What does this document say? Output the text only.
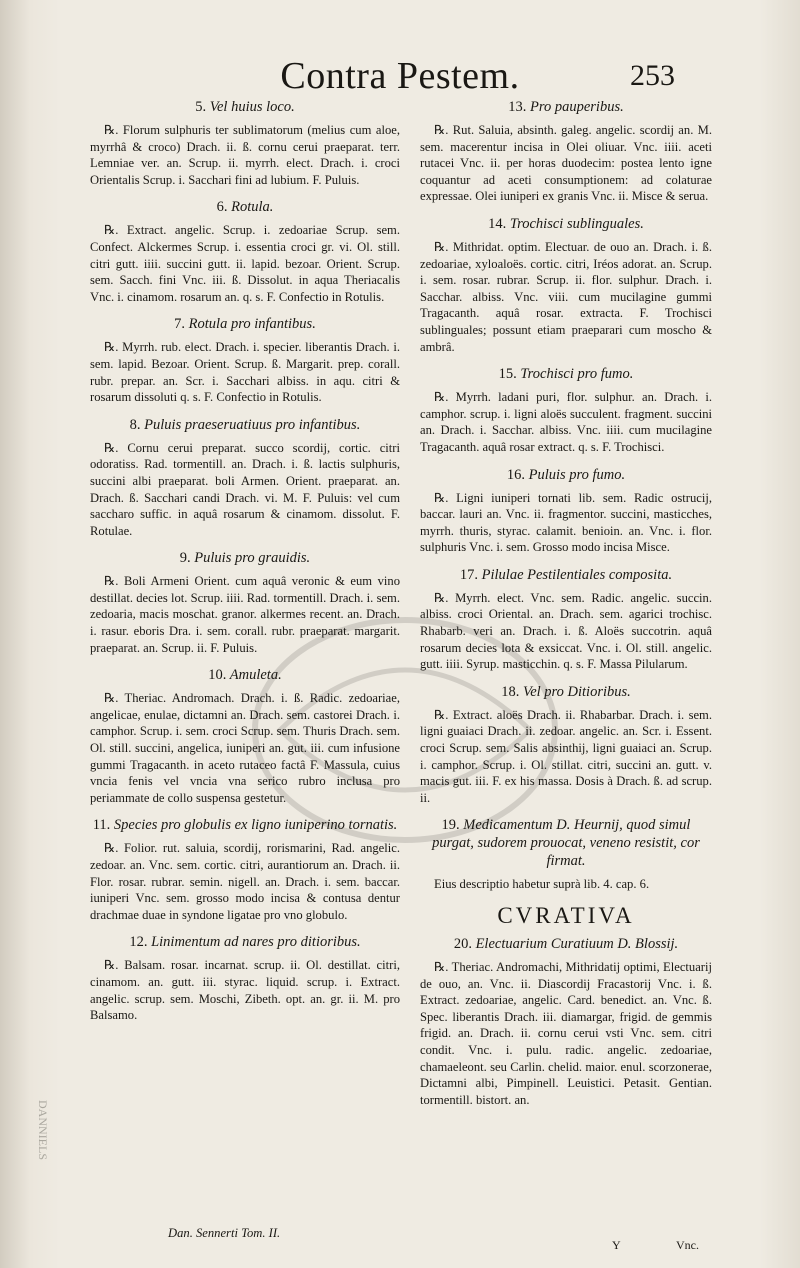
Contra Pestem.	253
5. Vel huius loco.

℞. Florum sulphuris ter sublimatorum (melius cum aloe, myrrhâ & croco) Drach. ii. ß. cornu cerui praeparat. terr. Lemniae ver. an. Scrup. ii. myrrh. elect. Drach. i. croci Orientalis Scrup. i. Sacchari fini ad lubium. F. Puluis.

6. Rotula.

℞. Extract. angelic. Scrup. i. zedoariae Scrup. sem. Confect. Alckermes Scrup. i. essentia croci gr. vi. Ol. still. citri gutt. iiii. succini gutt. ii. lapid. bezoar. Orient. Scrup. sem. Sacch. fini Vnc. iii. ß. Dissolut. in aqua Theriacalis Vnc. i. cinamom. rosarum an. q. s. F. Confectio in Rotulis.

7. Rotula pro infantibus.

℞. Myrrh. rub. elect. Drach. i. specier. liberantis Drach. i. sem. lapid. Bezoar. Orient. Scrup. ß. Margarit. prep. corall. rubr. prepar. an. Scr. i. Sacchari albiss. in aqu. citri & rosarum dissoluti q. s. F. Confectio in Rotulis.

8. Puluis praeseruatiuus pro infantibus.

℞. Cornu cerui preparat. succo scordij, cortic. citri odoratiss. Rad. tormentill. an. Drach. i. ß. lactis sulphuris, succini albi praeparat. boli Armen. Orient. praeparat. an. Drach. ß. Sacchari candi Drach. vi. M. F. Puluis: vel cum saccharo suffic. in aquâ rosarum & cinamom. dissolut. F. Rotulae.

9. Puluis pro grauidis.

℞. Boli Armeni Orient. cum aquâ veronic & eum vino destillat. decies lot. Scrup. iiii. Rad. tormentill. Drach. i. sem. zedoaria, macis moschat. granor. alkermes recent. an. Drach. i. rasur. eboris Dra. i. sem. corall. rubr. praeparat. margarit. praeparat. an. Scrup. ii. F. Puluis.

10. Amuleta.

℞. Theriac. Andromach. Drach. i. ß. Radic. zedoariae, angelicae, enulae, dictamni an. Drach. sem. castorei Drach. i. camphor. Scrup. i. sem. croci Scrup. sem. Thuris Drach. sem. Ol. still. succini, angelica, iuniperi an. gut. iii. cum infusione gummi Tragacanth. in aceto rutaceo factâ F. Massula, cuius vncia fenis vel vncia vna serico rubro inclusa pro periammate de collo suspensa gestetur.

11. Species pro globulis ex ligno iuniperino tornatis.

℞. Folior. rut. saluia, scordij, rorismarini, Rad. angelic. zedoar. an. Vnc. sem. cortic. citri, aurantiorum an. Drach. ii. Flor. rosar. rubrar. semin. nigell. an. Drach. i. sem. baccar. iuniperi Vnc. sem. grosso modo incisa & contusa dentur drachmae duae in syndone ligatae pro vno globulo.

12. Linimentum ad nares pro ditioribus.

℞. Balsam. rosar. incarnat. scrup. ii. Ol. destillat. citri, cinamom. an. gutt. iii. styrac. liquid. scrup. i. Extract. angelic. scrup. sem. Moschi, Zibeth. opt. an. gr. ii. M. pro Balsamo.

13. Pro pauperibus.

℞. Rut. Saluia, absinth. galeg. angelic. scordij an. M. sem. macerentur incisa in Olei oliuar. Vnc. iiii. aceti rutacei Vnc. ii. per horas duodecim: postea lento igne coquantur ad aceti consumptionem: ad colaturae expressae. Olei iuniperi ex granis Vnc. ii. Misce & serua.

14. Trochisci sublinguales.

℞. Mithridat. optim. Electuar. de ouo an. Drach. i. ß. zedoariae, xyloaloës. cortic. citri, Iréos adorat. an. Scrup. i. sem. rosar. rubrar. Scrup. ii. flor. sulphur. Drach. i. Sacchar. albiss. Vnc. viii. cum mucilagine gummi Tragacanth. aquâ rosar. extracta. F. Trochisci sublinguales; possunt etiam praeparari cum moscho & ambrâ.

15. Trochisci pro fumo.

℞. Myrrh. ladani puri, flor. sulphur. an. Drach. i. camphor. scrup. i. ligni aloës succulent. fragment. succini an. Drach. i. Sacchar. albiss. Vnc. iiii. cum mucilagine Tragacanth. aquâ rosar extract. q. s. F. Trochisci.

16. Puluis pro fumo.

℞. Ligni iuniperi tornati lib. sem. Radic ostrucij, baccar. lauri an. Vnc. ii. fragmentor. succini, masticches, myrrh. thuris, styrac. calamit. benioin. an. Vnc. i. flor. sulphuris Vnc. i. sem. Grosso modo incisa Misce.

17. Pilulae Pestilentiales composita.

℞. Myrrh. elect. Vnc. sem. Radic. angelic. succin. albiss. croci Oriental. an. Drach. sem. agarici trochisc. Rhabarb. veri an. Drach. i. ß. Aloës succotrin. aquâ rosarum decies lota & exsiccat. Vnc. i. Ol. still. angelic. gutt. iiii. Syrup. masticchin. q. s. F. Massa Pilularum.

18. Vel pro Ditioribus.

℞. Extract. aloës Drach. ii. Rhabarbar. Drach. i. sem. ligni guaiaci Drach. ii. zedoar. angelic. an. Scr. i. Essent. croci Scrup. sem. Salis absinthij, ligni guaiaci an. Scrup. i. camphor. Scrup. i. Ol. stillat. citri, succini an. gutt. v. macis gut. iii. F. ex his massa. Dosis à Drach. ß. ad scrup. ii.

19. Medicamentum D. Heurnij, quod simul purgat, sudorem prouocat, veneno resistit, cor firmat.

Eius descriptio habetur suprà lib. 4. cap. 6.

CVRATIVA
20. Electuarium Curatiuum D. Blossij.

℞. Theriac. Andromachi, Mithridatij optimi, Electuarij de ouo, an. Vnc. ii. Diascordij Fracastorij Vnc. i. ß. Extract. zedoariae, angelic. Card. benedict. an. Vnc. ß. Spec. liberantis Drach. iii. diamargar, frigid. de gemmis frigid. an. Drach. ii. cornu cerui vsti Vnc. sem. citri condit. Vnc. i. pulu. radic. angelic. zedoariae, chamaeleont. seu Carlin. chelid. maior. enul. scorzonerae, Dictamni albi, Pimpinell. Leuistici. Petasit. Gentian. tormentill. bistort. an.

Dan. Sennerti Tom. II.
Y	Vnc.
DANNIELS
